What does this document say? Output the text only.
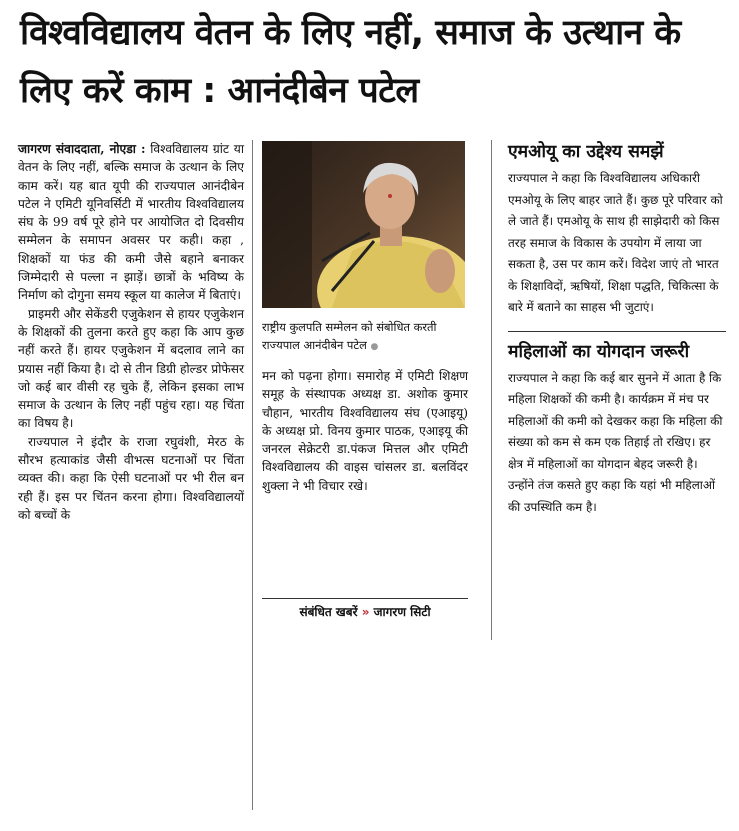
विश्वविद्यालय वेतन के लिए नहीं, समाज के उत्थान के लिए करें काम : आनंदीबेन पटेल

जागरण संवाददाता, नोएडा : विश्वविद्यालय ग्रांट या वेतन के लिए नहीं, बल्कि समाज के उत्थान के लिए काम करें। यह बात यूपी की राज्यपाल आनंदीबेन पटेल ने एमिटी यूनिवर्सिटी में भारतीय विश्वविद्यालय संघ के 99 वर्ष पूरे होने पर आयोजित दो दिवसीय सम्मेलन के समापन अवसर पर कही। कहा , शिक्षकों या फंड की कमी जैसे बहाने बनाकर जिम्मेदारी से पल्ला न झाड़ें। छात्रों के भविष्य के निर्माण को दोगुना समय स्कूल या कालेज में बिताएं।

प्राइमरी और सेकेंडरी एजुकेशन से हायर एजुकेशन के शिक्षकों की तुलना करते हुए कहा कि आप कुछ नहीं करते हैं। हायर एजुकेशन में बदलाव लाने का प्रयास नहीं किया है। दो से तीन डिग्री होल्डर प्रोफेसर जो कई बार वीसी रह चुके हैं, लेकिन इसका लाभ समाज के उत्थान के लिए नहीं पहुंच रहा। यह चिंता का विषय है।

राज्यपाल ने इंदौर के राजा रघुवंशी, मेरठ के सौरभ हत्याकांड जैसी वीभत्स घटनाओं पर चिंता व्यक्त की। कहा कि ऐसी घटनाओं पर भी रील बन रही हैं। इस पर चिंतन करना होगा। विश्वविद्यालयों को बच्चों के

राष्ट्रीय कुलपति सम्मेलन को संबोधित करती राज्यपाल आनंदीबेन पटेल ●

मन को पढ़ना होगा। समारोह में एमिटी शिक्षण समूह के संस्थापक अध्यक्ष डा. अशोक कुमार चौहान, भारतीय विश्वविद्यालय संघ (एआइयू) के अध्यक्ष प्रो. विनय कुमार पाठक, एआइयू की जनरल सेक्रेटरी डा.पंकज मित्तल और एमिटी विश्वविद्यालय की वाइस चांसलर डा. बलविंदर शुक्ला ने भी विचार रखे।

संबंधित खबरें » जागरण सिटी
एमओयू का उद्देश्य समझें

राज्यपाल ने कहा कि विश्वविद्यालय अधिकारी एमओयू के लिए बाहर जाते हैं। कुछ पूरे परिवार को ले जाते हैं। एमओयू के साथ ही साझेदारी को किस तरह समाज के विकास के उपयोग में लाया जा सकता है, उस पर काम करें। विदेश जाएं तो भारत के शिक्षाविदों, ऋषियों, शिक्षा पद्धति, चिकित्सा के बारे में बताने का साहस भी जुटाएं।

महिलाओं का योगदान जरूरी

राज्यपाल ने कहा कि कई बार सुनने में आता है कि महिला शिक्षकों की कमी है। कार्यक्रम में मंच पर महिलाओं की कमी को देखकर कहा कि महिला की संख्या को कम से कम एक तिहाई तो रखिए। हर क्षेत्र में महिलाओं का योगदान बेहद जरूरी है। उन्होंने तंज कसते हुए कहा कि यहां भी महिलाओं की उपस्थिति कम है।
